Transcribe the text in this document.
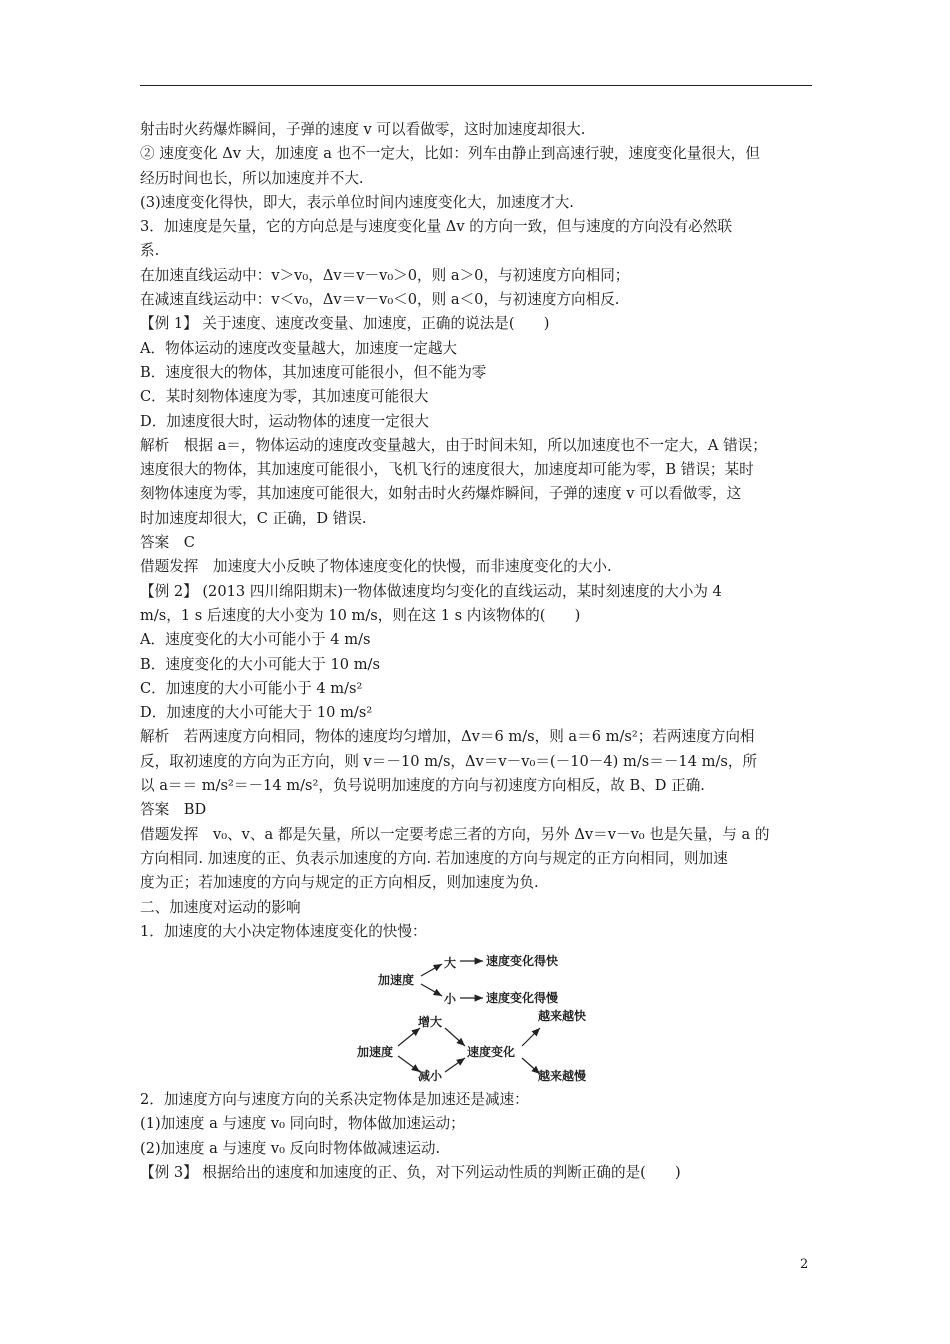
射击时火药爆炸瞬间，子弹的速度 v 可以看做零，这时加速度却很大.
② 速度变化 Δv 大，加速度 a 也不一定大，比如：列车由静止到高速行驶，速度变化量很大，但
经历时间也长，所以加速度并不大.
(3)速度变化得快，即大，表示单位时间内速度变化大，加速度才大.
3．加速度是矢量，它的方向总是与速度变化量 Δv 的方向一致，但与速度的方向没有必然联
系.
在加速直线运动中：v＞v₀，Δv＝v－v₀＞0，则 a＞0，与初速度方向相同；
在减速直线运动中：v＜v₀，Δv＝v－v₀＜0，则 a＜0，与初速度方向相反.
【例 1】 关于速度、速度改变量、加速度，正确的说法是(　　)
A．物体运动的速度改变量越大，加速度一定越大
B．速度很大的物体，其加速度可能很小，但不能为零
C．某时刻物体速度为零，其加速度可能很大
D．加速度很大时，运动物体的速度一定很大
解析　根据 a＝，物体运动的速度改变量越大，由于时间未知，所以加速度也不一定大，A 错误；
速度很大的物体，其加速度可能很小，飞机飞行的速度很大，加速度却可能为零，B 错误；某时
刻物体速度为零，其加速度可能很大，如射击时火药爆炸瞬间，子弹的速度 v 可以看做零，这
时加速度却很大，C 正确，D 错误.
答案　C
借题发挥　加速度大小反映了物体速度变化的快慢，而非速度变化的大小.
【例 2】 (2013 四川绵阳期末)一物体做速度均匀变化的直线运动，某时刻速度的大小为 4
m/s，1 s 后速度的大小变为 10 m/s，则在这 1 s 内该物体的(　　)
A．速度变化的大小可能小于 4 m/s
B．速度变化的大小可能大于 10 m/s
C．加速度的大小可能小于 4 m/s²
D．加速度的大小可能大于 10 m/s²
解析　若两速度方向相同，物体的速度均匀增加，Δv＝6 m/s，则 a＝6 m/s²；若两速度方向相
反，取初速度的方向为正方向，则 v＝－10 m/s，Δv＝v－v₀＝(－10－4) m/s＝－14 m/s，所
以 a＝＝ m/s²＝－14 m/s²，负号说明加速度的方向与初速度方向相反，故 B、D 正确.
答案　BD
借题发挥　v₀、v、a 都是矢量，所以一定要考虑三者的方向，另外 Δv＝v－v₀ 也是矢量，与 a 的
方向相同. 加速度的正、负表示加速度的方向. 若加速度的方向与规定的正方向相同，则加速
度为正；若加速度的方向与规定的正方向相反，则加速度为负.
二、加速度对运动的影响
1．加速度的大小决定物体速度变化的快慢：
加速度
大
小
速度变化得快
速度变化得慢
加速度
增大
减小
速度变化
越来越快
越来越慢
2．加速度方向与速度方向的关系决定物体是加速还是减速：
(1)加速度 a 与速度 v₀ 同向时，物体做加速运动；
(2)加速度 a 与速度 v₀ 反向时物体做减速运动.
【例 3】 根据给出的速度和加速度的正、负，对下列运动性质的判断正确的是(　　)
2
